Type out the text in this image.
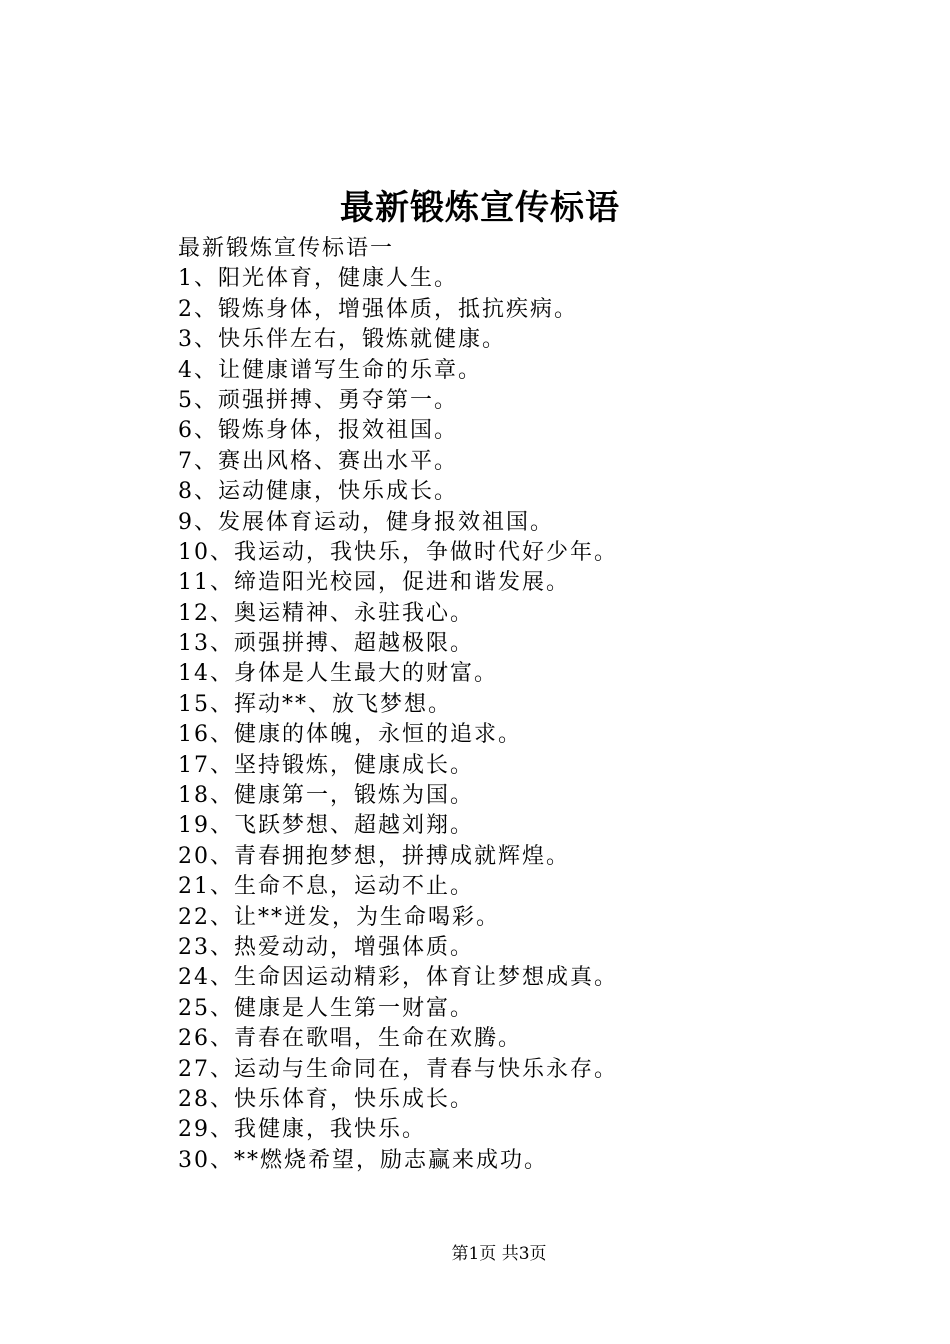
最新锻炼宣传标语
最新锻炼宣传标语一
1、阳光体育，健康人生。
2、锻炼身体，增强体质，抵抗疾病。
3、快乐伴左右，锻炼就健康。
4、让健康谱写生命的乐章。
5、顽强拼搏、勇夺第一。
6、锻炼身体，报效祖国。
7、赛出风格、赛出水平。
8、运动健康，快乐成长。
9、发展体育运动，健身报效祖国。
10、我运动，我快乐，争做时代好少年。
11、缔造阳光校园，促进和谐发展。
12、奥运精神、永驻我心。
13、顽强拼搏、超越极限。
14、身体是人生最大的财富。
15、挥动**、放飞梦想。
16、健康的体魄，永恒的追求。
17、坚持锻炼，健康成长。
18、健康第一，锻炼为国。
19、飞跃梦想、超越刘翔。
20、青春拥抱梦想，拼搏成就辉煌。
21、生命不息，运动不止。
22、让**迸发，为生命喝彩。
23、热爱动动，增强体质。
24、生命因运动精彩，体育让梦想成真。
25、健康是人生第一财富。
26、青春在歌唱，生命在欢腾。
27、运动与生命同在，青春与快乐永存。
28、快乐体育，快乐成长。
29、我健康，我快乐。
30、**燃烧希望，励志赢来成功。
第1页 共3页
